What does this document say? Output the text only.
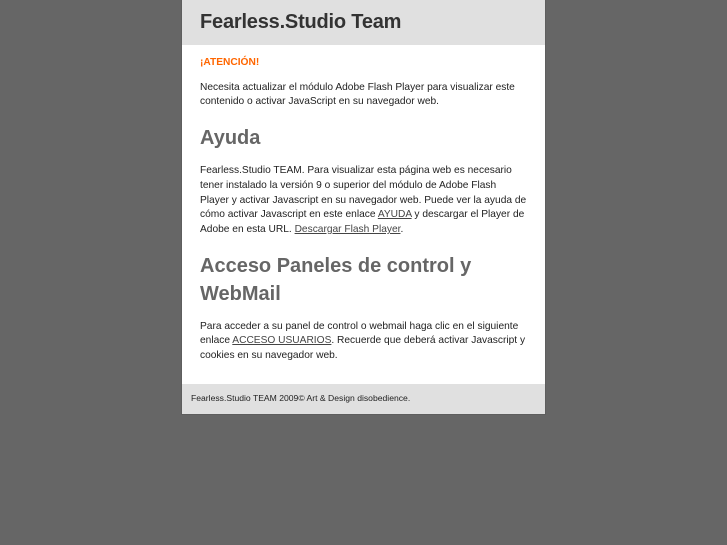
Fearless.Studio Team
¡ATENCIÓN!

Necesita actualizar el módulo Adobe Flash Player para visualizar este contenido o activar JavaScript en su navegador web.

Ayuda

Fearless.Studio TEAM. Para visualizar esta página web es necesario tener instalado la versión 9 o superior del módulo de Adobe Flash Player y activar Javascript en su navegador web. Puede ver la ayuda de cómo activar Javascript en este enlace AYUDA y descargar el Player de Adobe en esta URL. Descargar Flash Player.

Acceso Paneles de control y WebMail

Para acceder a su panel de control o webmail haga clic en el siguiente enlace ACCESO USUARIOS. Recuerde que deberá activar Javascript y cookies en su navegador web.

Fearless.Studio TEAM 2009© Art & Design disobedience.
